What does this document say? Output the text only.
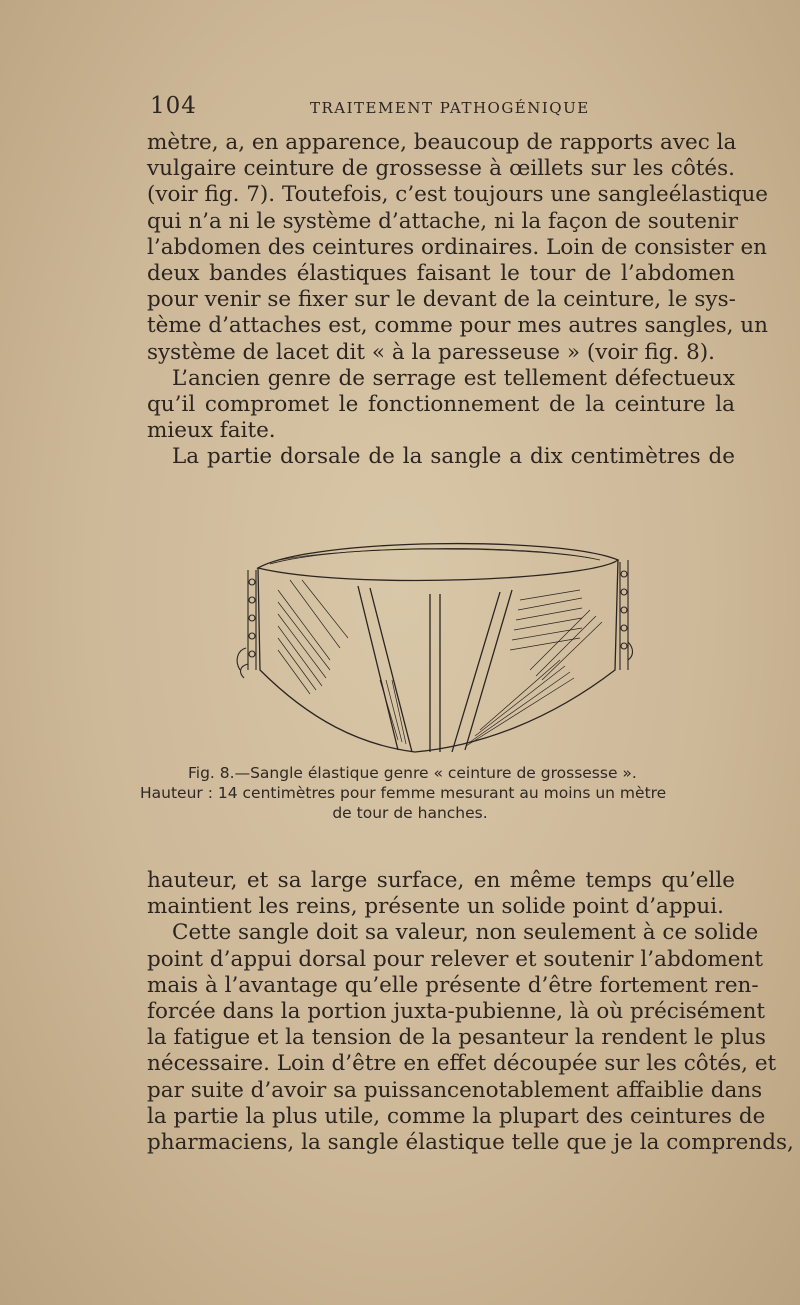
104	TRAITEMENT PATHOGÉNIQUE
mètre, a, en apparence, beaucoup de rapports avec la
vulgaire ceinture de grossesse à œillets sur les côtés.
(voir fig. 7). Toutefois, c’est toujours une sangleélastique
qui n’a ni le système d’attache, ni la façon de soutenir
l’abdomen des ceintures ordinaires. Loin de consister en
deux bandes élastiques faisant le tour de l’abdomen
pour venir se fixer sur le devant de la ceinture, le sys-
tème d’attaches est, comme pour mes autres sangles, un
système de lacet dit « à la paresseuse » (voir fig. 8).
L’ancien genre de serrage est tellement défectueux
qu’il compromet le fonctionnement de la ceinture la
mieux faite.
La partie dorsale de la sangle a dix centimètres de
Fig. 8.—Sangle élastique genre « ceinture de grossesse ».
Hauteur : 14 centimètres pour femme mesurant au moins un mètre
de tour de hanches.
hauteur, et sa large surface, en même temps qu’elle
maintient les reins, présente un solide point d’appui.
Cette sangle doit sa valeur, non seulement à ce solide
point d’appui dorsal pour relever et soutenir l’abdoment
mais à l’avantage qu’elle présente d’être fortement ren-
forcée dans la portion juxta-pubienne, là où précisément
la fatigue et la tension de la pesanteur la rendent le plus
nécessaire. Loin d’être en effet découpée sur les côtés, et
par suite d’avoir sa puissancenotablement affaiblie dans
la partie la plus utile, comme la plupart des ceintures de
pharmaciens, la sangle élastique telle que je la comprends,
